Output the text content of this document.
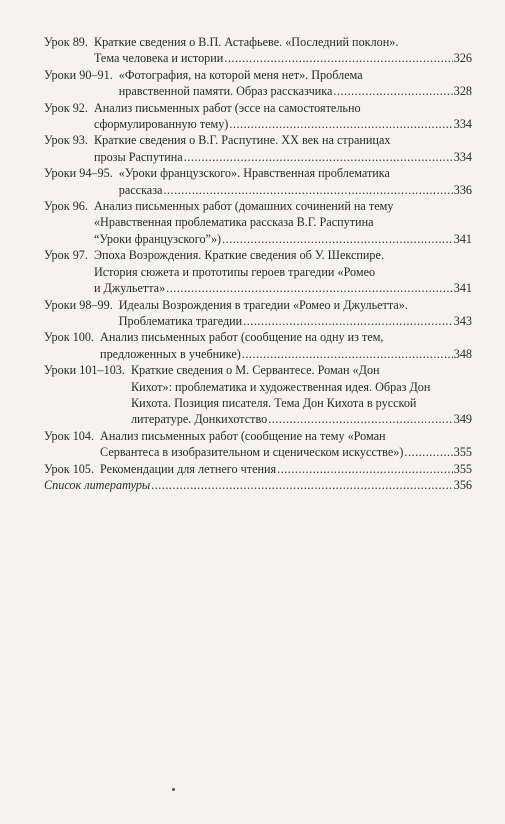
Урок 89. Краткие сведения о В.П. Астафьеве. «Последний поклон».
Тема человека и истории .....	326
Уроки 90–91. «Фотография, на которой меня нет». Проблема
нравственной памяти. Образ рассказчика .....	328
Урок 92. Анализ письменных работ (эссе на самостоятельно
сформулированную тему) .....	334
Урок 93. Краткие сведения о В.Г. Распутине. XX век на страницах
прозы Распутина .....	334
Уроки 94–95. «Уроки французского». Нравственная проблематика
рассказа .....	336
Урок 96. Анализ письменных работ (домашних сочинений на тему
«Нравственная проблематика рассказа В.Г. Распутина
“Уроки французского”») .....	341
Урок 97. Эпоха Возрождения. Краткие сведения об У. Шекспире.
История сюжета и прототипы героев трагедии «Ромео
и Джульетта» .....	341
Уроки 98–99. Идеалы Возрождения в трагедии «Ромео и Джульетта».
Проблематика трагедии .....	343
Урок 100. Анализ письменных работ (сообщение на одну из тем,
предложенных в учебнике) .....	348
Уроки 101–103. Краткие сведения о М. Сервантесе. Роман «Дон
Кихот»: проблематика и художественная идея. Образ Дон
Кихота. Позиция писателя. Тема Дон Кихота в русской
литературе. Донкихотство .....	349
Урок 104. Анализ письменных работ (сообщение на тему «Роман
Сервантеса в изобразительном и сценическом искусстве») .....	355
Урок 105. Рекомендации для летнего чтения .....	355
Список литературы .....	356
